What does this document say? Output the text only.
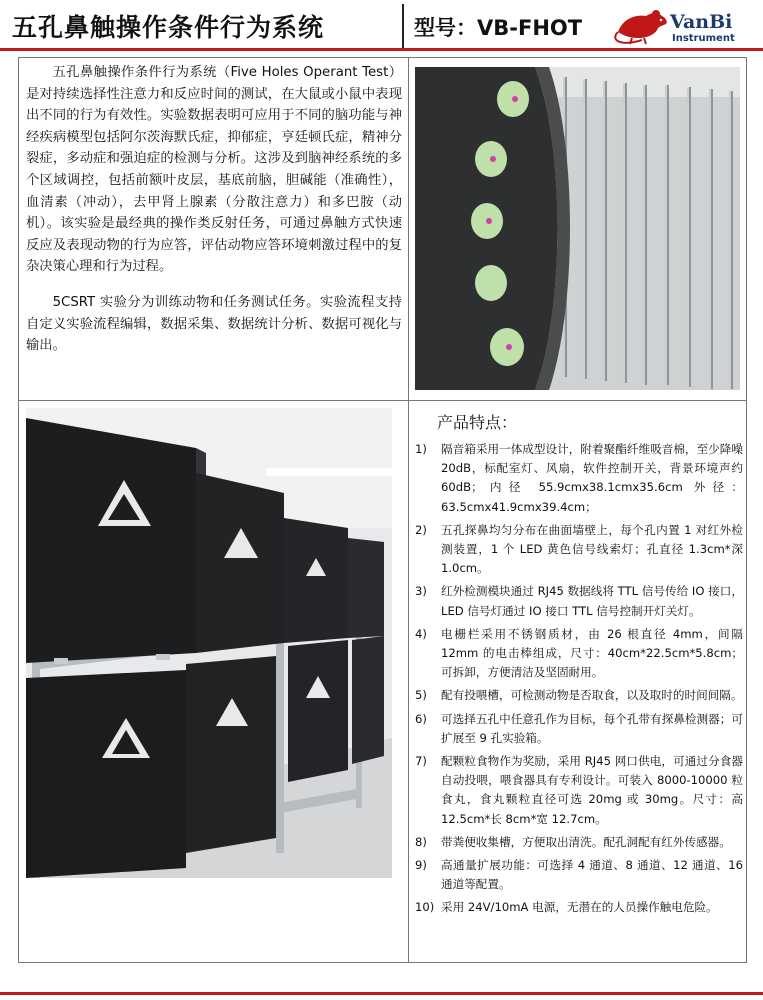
五孔鼻触操作条件行为系统	型号：VB-FHOT	VanBi
Instrument

五孔鼻触操作条件行为系统（Five Holes Operant Test）是对持续选择性注意力和反应时间的测试，在大鼠或小鼠中表现出不同的行为有效性。实验数据表明可应用于不同的脑功能与神经疾病模型包括阿尔茨海默氏症，抑郁症，亨廷顿氏症，精神分裂症，多动症和强迫症的检测与分析。这涉及到脑神经系统的多个区域调控，包括前额叶皮层，基底前脑，胆碱能（准确性），血清素（冲动），去甲肾上腺素（分散注意力）和多巴胺（动机）。该实验是最经典的操作类反射任务，可通过鼻触方式快速反应及表现动物的行为应答，评估动物应答环境刺激过程中的复杂决策心理和行为过程。

5CSRT 实验分为训练动物和任务测试任务。实验流程支持自定义实验流程编辑，数据采集、数据统计分析、数据可视化与输出。

产品特点：
1)	隔音箱采用一体成型设计，附着聚酯纤维吸音棉，至少降噪 20dB，标配室灯、风扇，软件控制开关，背景环境声约 60dB；内径 55.9cmx38.1cmx35.6cm 外径：63.5cmx41.9cmx39.4cm；
2)	五孔探鼻均匀分布在曲面墙壁上，每个孔内置 1 对红外检测装置，1 个 LED 黄色信号线索灯；孔直径 1.3cm*深 1.0cm。
3)	红外检测模块通过 RJ45 数据线将 TTL 信号传给 IO 接口，LED 信号灯通过 IO 接口 TTL 信号控制开灯关灯。
4)	电栅栏采用不锈钢质材，由 26 根直径 4mm，间隔 12mm 的电击棒组成，尺寸：40cm*22.5cm*5.8cm；可拆卸，方便清洁及坚固耐用。
5)	配有投喂槽，可检测动物是否取食，以及取时的时间间隔。
6)	可选择五孔中任意孔作为目标，每个孔带有探鼻检测器；可扩展至 9 孔实验箱。
7)	配颗粒食物作为奖励，采用 RJ45 网口供电，可通过分食器自动投喂，喂食器具有专利设计。可装入 8000-10000 粒食丸，食丸颗粒直径可选 20mg 或 30mg。尺寸：高 12.5cm*长 8cm*宽 12.7cm。
8)	带粪便收集槽，方便取出清洗。配孔洞配有红外传感器。
9)	高通量扩展功能：可选择 4 通道、8 通道、12 通道、16 通道等配置。
10) 采用 24V/10mA 电源，无潜在的人员操作触电危险。
